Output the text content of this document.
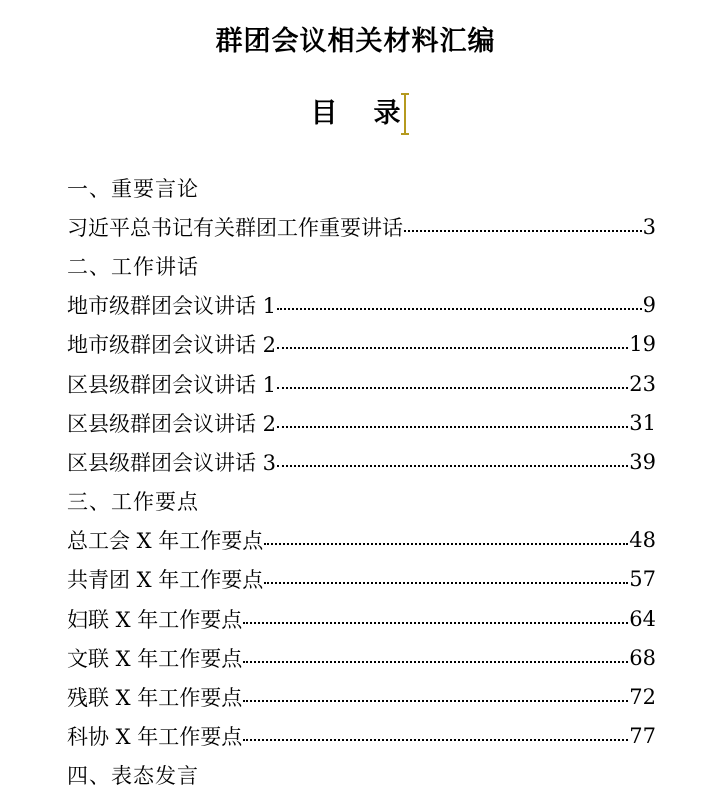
群团会议相关材料汇编
目 录
一、重要言论
习近平总书记有关群团工作重要讲话	3
二、工作讲话
地市级群团会议讲话 1	9
地市级群团会议讲话 2	19
区县级群团会议讲话 1	23
区县级群团会议讲话 2	31
区县级群团会议讲话 3	39
三、工作要点
总工会 X 年工作要点	48
共青团 X 年工作要点	57
妇联 X 年工作要点	64
文联 X 年工作要点	68
残联 X 年工作要点	72
科协 X 年工作要点	77
四、表态发言
